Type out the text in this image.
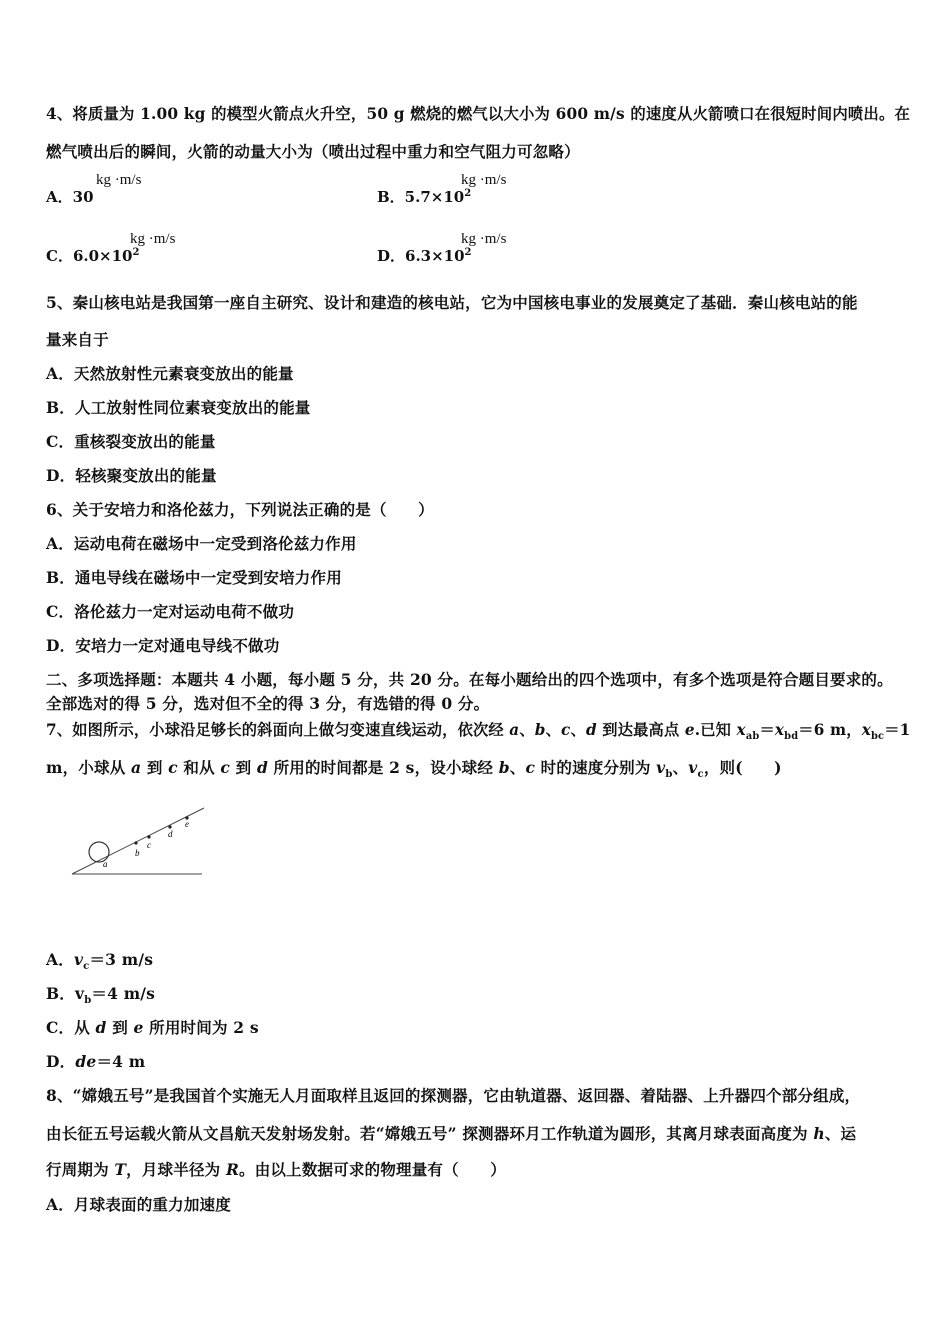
4、将质量为 1.00 kg 的模型火箭点火升空，50 g 燃烧的燃气以大小为 600 m/s 的速度从火箭喷口在很短时间内喷出。在
燃气喷出后的瞬间，火箭的动量大小为（喷出过程中重力和空气阻力可忽略）
A．30
kg ·m/s
B．$5.7\times 10^2$
kg ·m/s
C．$6.0\times 10^2$
kg ·m/s
D．$6.3\times 10^2$
kg ·m/s
5、秦山核电站是我国第一座自主研究、设计和建造的核电站，它为中国核电事业的发展奠定了基础．秦山核电站的能
量来自于
A．天然放射性元素衰变放出的能量
B．人工放射性同位素衰变放出的能量
C．重核裂变放出的能量
D．轻核聚变放出的能量
6、关于安培力和洛伦兹力，下列说法正确的是（　　）
A．运动电荷在磁场中一定受到洛伦兹力作用
B．通电导线在磁场中一定受到安培力作用
C．洛伦兹力一定对运动电荷不做功
D．安培力一定对通电导线不做功
二、多项选择题：本题共 4 小题，每小题 5 分，共 20 分。在每小题给出的四个选项中，有多个选项是符合题目要求的。
全部选对的得 5 分，选对但不全的得 3 分，有选错的得 0 分。
7、如图所示，小球沿足够长的斜面向上做匀变速直线运动，依次经 a、b、c、d 到达最高点 e.已知 $x_{ab}=x_{bd}=6$ m，$x_{bc}=1$
m，小球从 a 到 c 和从 c 到 d 所用的时间都是 2 s，设小球经 b、c 时的速度分别为 $v_b$、$v_c$，则(　　)
a
b
c
d
e
A．$v_c=3$ m/s
B．$v_b=4$ m/s
C．从 d 到 e 所用时间为 2 s
D．de＝4 m
8、“嫦娥五号”是我国首个实施无人月面取样且返回的探测器，它由轨道器、返回器、着陆器、上升器四个部分组成，
由长征五号运载火箭从文昌航天发射场发射。若“嫦娥五号” 探测器环月工作轨道为圆形，其离月球表面高度为 h、运
行周期为 T，月球半径为 R。由以上数据可求的物理量有（　　）
A．月球表面的重力加速度
